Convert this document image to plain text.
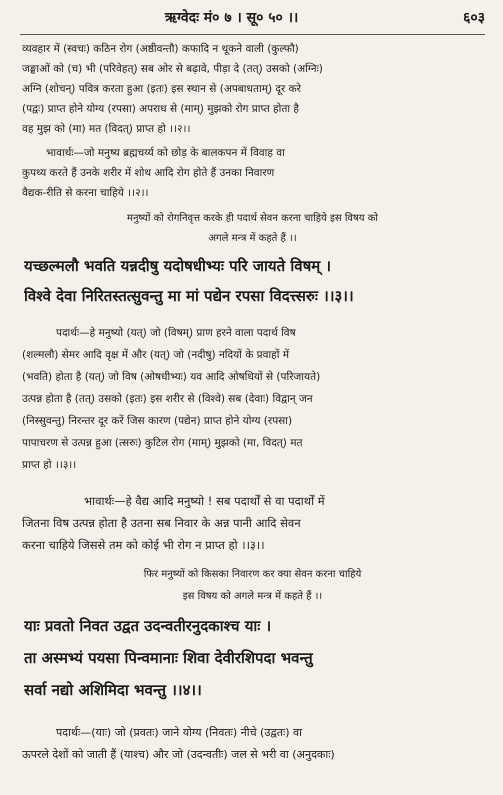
ऋग्वेदः मं० ७ । सू० ५० ।।	६०३
व्यवहार में (स्वचः) कठिन रोग (अष्ठीवन्तौ) कफादि न थूकने वाली (कुल्फौ)
जङ्घाओं को (च) भी (परिवेहत्) सब ओर से बढ़ावे, पीड़ा दे (तत्) उसको (अग्निः)
अग्नि (शोचन्) पवित्र करता हुआ (इतः) इस स्थान से (अपबाधताम्) दूर करे
(पद्वः) प्राप्त होने योग्य (रपसा) अपराध से (माम्) मुझको रोग प्राप्त होता है
वह मुझ को (मा) मत (विदत्) प्राप्त हो ।।२।।
भावार्थः—जो मनुष्य ब्रह्मचर्य्य को छोड़ के बालकपन में विवाह वा
कुपथ्य करते हैं उनके शरीर में शोथ आदि रोग होते हैं उनका निवारण
वैद्यक-रीति से करना चाहिये ।।२।।
मनुष्यों को रोगनिवृत्त करके ही पदार्थ सेवन करना चाहिये इस विषय को
अगले मन्त्र में कहते हैं ।।
यच्छल्मलौ भवति यन्नदीषु यदोषधीभ्यः परि जायते विषम् ।
विश्वे देवा निरितस्तत्सुवन्तु मा मां पद्येन रपसा विदत्त्सरुः ।।३।।
पदार्थः—हे मनुष्यो (यत्) जो (विषम्) प्राण हरने वाला पदार्थ विष
(शल्मलौ) सेमर आदि वृक्ष में और (यत्) जो (नदीषु) नदियों के प्रवाहों में
(भवति) होता है (यत्) जो विष (ओषधीभ्यः) यव आदि ओषधियों से (परिजायते)
उत्पन्न होता है (तत्) उसको (इतः) इस शरीर से (विश्वे) सब (देवाः) विद्वान् जन
(निस्सुवन्तु) निरन्तर दूर करें जिस कारण (पद्येन) प्राप्त होने योग्य (रपसा)
पापाचरण से उत्पन्न हुआ (त्सरुः) कुटिल रोग (माम्) मुझको (मा, विदत्) मत
प्राप्त हो ।।३।।
भावार्थः—हे वैद्य आदि मनुष्यो ! सब पदार्थों से वा पदार्थों में
जितना विष उत्पन्न होता है उतना सब निवार के अन्न पानी आदि सेवन
करना चाहिये जिससे तम को कोई भी रोग न प्राप्त हो ।।३।।
फिर मनुष्यों को किसका निवारण कर क्या सेवन करना चाहिये
इस विषय को अगले मन्त्र में कहते हैं ।।
याः प्रवतो निवत उद्वत उदन्वतीरनुदकाश्च याः ।
ता अस्मभ्यं पयसा पिन्वमानाः शिवा देवीरशिपदा भवन्तु
सर्वा नद्यो अशिमिदा भवन्तु ।।४।।
पदार्थः—(याः) जो (प्रवतः) जाने योग्य (निवतः) नीचे (उद्वतः) वा
ऊपरले देशों को जाती हैं (याश्च) और जो (उदन्वतीः) जल से भरी वा (अनुदकाः)
